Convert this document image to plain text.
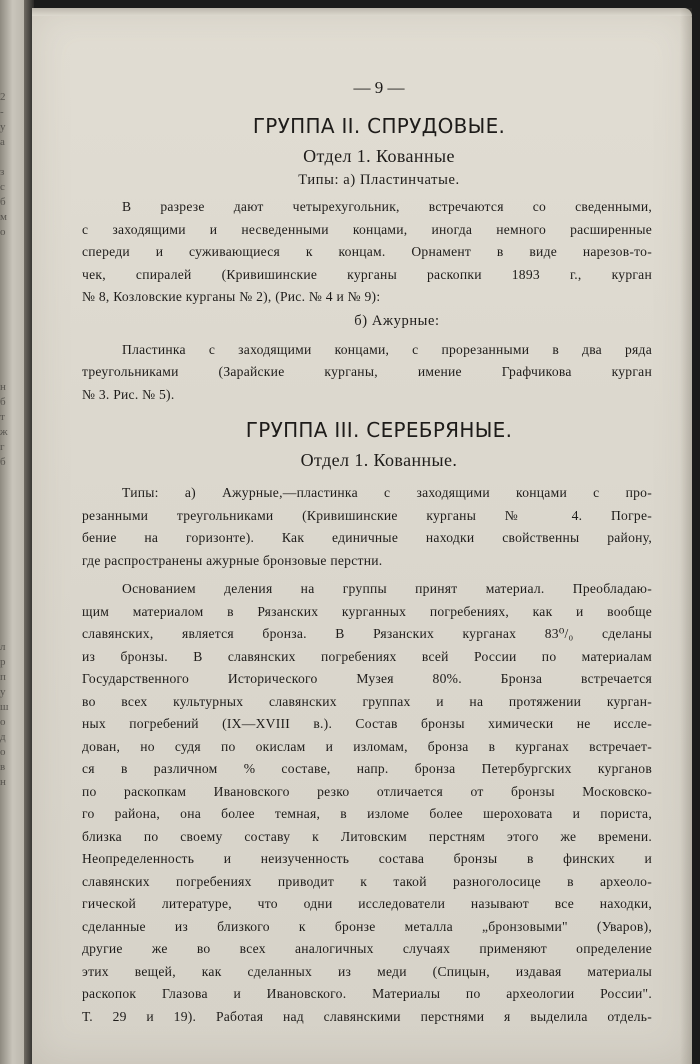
2
‑
у
а

з
с
б
м
о

н
б
т
ж
г
б

л
р
п
у
ш
о
д
о
в
н
— 9 —
ГРУППА II. СПРУДОВЫЕ.
Отдел 1. Кованные
Типы: а) Пластинчатые.
В разрезе дают четырехугольник, встречаются со сведенными,
с заходящими и несведенными концами, иногда немного расширенные
спереди и суживающиеся к концам. Орнамент в виде нарезов-то-
чек, спиралей (Кривишинские курганы раскопки 1893 г., курган
№ 8, Козловские курганы № 2), (Рис. № 4 и № 9):
б) Ажурные:
Пластинка с заходящими концами, с прорезанными в два ряда
треугольниками (Зарайские курганы, имение Графчикова курган
№ 3. Рис. № 5).
ГРУППА III. СЕРЕБРЯНЫЕ.
Отдел 1. Кованные.
Типы: а) Ажурные,—пластинка с заходящими концами с про-
резанными треугольниками (Кривишинские курганы № 4. Погре-
бение на горизонте). Как единичные находки свойственны району,
где распространены ажурные бронзовые перстни.
Основанием деления на группы принят материал. Преобладаю-
щим материалом в Рязанских курганных погребениях, как и вообще
славянских, является бронза. В Рязанских курганах 83⁰/₀ сделаны
из бронзы. В славянских погребениях всей России по материалам
Государственного Исторического Музея 80%. Бронза встречается
во всех культурных славянских группах и на протяжении курган-
ных погребений (IX—XVIII в.). Состав бронзы химически не иссле-
дован, но судя по окислам и изломам, бронза в курганах встречает-
ся в различном % составе, напр. бронза Петербургских курганов
по раскопкам Ивановского резко отличается от бронзы Московско-
го района, она более темная, в изломе более шероховата и пориста,
близка по своему составу к Литовским перстням этого же времени.
Неопределенность и неизученность состава бронзы в финских и
славянских погребениях приводит к такой разноголосице в археоло-
гической литературе, что одни исследователи называют все находки,
сделанные из близкого к бронзе металла „бронзовыми" (Уваров),
другие же во всех аналогичных случаях применяют определение
этих вещей, как сделанных из меди (Спицын, издавая материалы
раскопок Глазова и Ивановского. Материалы по археологии России".
Т. 29 и 19). Работая над славянскими перстнями я выделила отдель-
